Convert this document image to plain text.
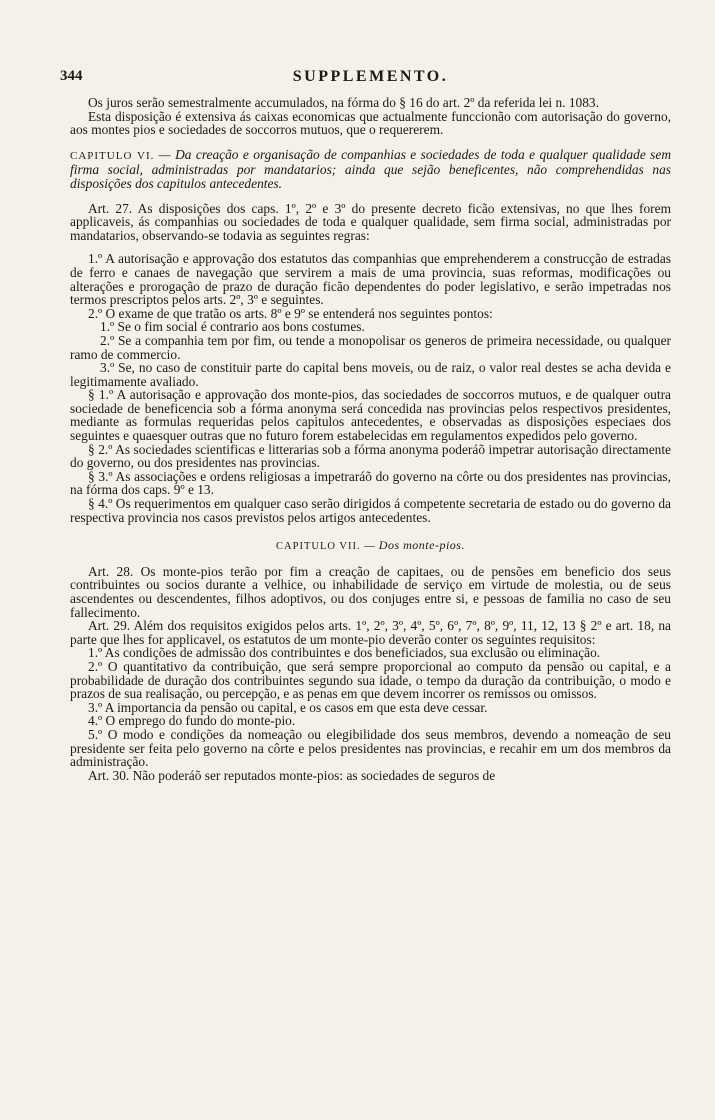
344	SUPPLEMENTO.

Os juros serão semestralmente accumulados, na fórma do § 16 do art. 2º da referida lei n. 1083.

Esta disposição é extensiva ás caixas economicas que actualmente funccionão com autorisação do governo, aos montes pios e sociedades de soccorros mutuos, que o requererem.

CAPITULO VI. — Da creação e organisação de companhias e sociedades de toda e qualquer qualidade sem firma social, administradas por mandatarios; ainda que sejão beneficentes, não comprehendidas nas disposições dos capitulos antecedentes.

Art. 27. As disposições dos caps. 1º, 2º e 3º do presente decreto ficão extensivas, no que lhes forem applicaveis, ás companhias ou sociedades de toda e qualquer qualidade, sem firma social, administradas por mandatarios, observando-se todavia as seguintes regras:

1.º A autorisação e approvação dos estatutos das companhias que emprehenderem a construcção de estradas de ferro e canaes de navegação que servirem a mais de uma provincia, suas reformas, modificações ou alterações e prorogação de prazo de duração ficão dependentes do poder legislativo, e serão impetradas nos termos prescriptos pelos arts. 2º, 3º e seguintes.

2.º O exame de que tratão os arts. 8º e 9º se entenderá nos seguintes pontos:

1.º Se o fim social é contrario aos bons costumes.

2.º Se a companhia tem por fim, ou tende a monopolisar os generos de primeira necessidade, ou qualquer ramo de commercio.

3.º Se, no caso de constituir parte do capital bens moveis, ou de raiz, o valor real destes se acha devida e legitimamente avaliado.

§ 1.º A autorisação e approvação dos monte-pios, das sociedades de soccorros mutuos, e de qualquer outra sociedade de beneficencia sob a fórma anonyma será concedida nas provincias pelos respectivos presidentes, mediante as formulas requeridas pelos capitulos antecedentes, e observadas as disposições especiaes dos seguintes e quaesquer outras que no futuro forem estabelecidas em regulamentos expedidos pelo governo.

§ 2.º As sociedades scientificas e litterarias sob a fórma anonyma poderáõ impetrar autorisação directamente do governo, ou dos presidentes nas provincias.

§ 3.º As associações e ordens religiosas a impetraráõ do governo na côrte ou dos presidentes nas provincias, na fórma dos caps. 9º e 13.

§ 4.º Os requerimentos em qualquer caso serão dirigidos á competente secretaria de estado ou do governo da respectiva provincia nos casos previstos pelos artigos antecedentes.

CAPITULO VII. — Dos monte-pios.

Art. 28. Os monte-pios terão por fim a creação de capitaes, ou de pensões em beneficio dos seus contribuintes ou socios durante a velhice, ou inhabilidade de serviço em virtude de molestia, ou de seus ascendentes ou descendentes, filhos adoptivos, ou dos conjuges entre si, e pessoas de familia no caso de seu fallecimento.

Art. 29. Além dos requisitos exigidos pelos arts. 1º, 2º, 3º, 4º, 5º, 6º, 7º, 8º, 9º, 11, 12, 13 § 2º e art. 18, na parte que lhes for applicavel, os estatutos de um monte-pio deverão conter os seguintes requisitos:

1.º As condições de admissão dos contribuintes e dos beneficiados, sua exclusão ou eliminação.

2.º O quantitativo da contribuição, que será sempre proporcional ao computo da pensão ou capital, e a probabilidade de duração dos contribuintes segundo sua idade, o tempo da duração da contribuição, o modo e prazos de sua realisação, ou percepção, e as penas em que devem incorrer os remissos ou omissos.

3.º A importancia da pensão ou capital, e os casos em que esta deve cessar.

4.º O emprego do fundo do monte-pio.

5.º O modo e condições da nomeação ou elegibilidade dos seus membros, devendo a nomeação de seu presidente ser feita pelo governo na côrte e pelos presidentes nas provincias, e recahir em um dos membros da administração.

Art. 30. Não poderáõ ser reputados monte-pios: as sociedades de seguros de
